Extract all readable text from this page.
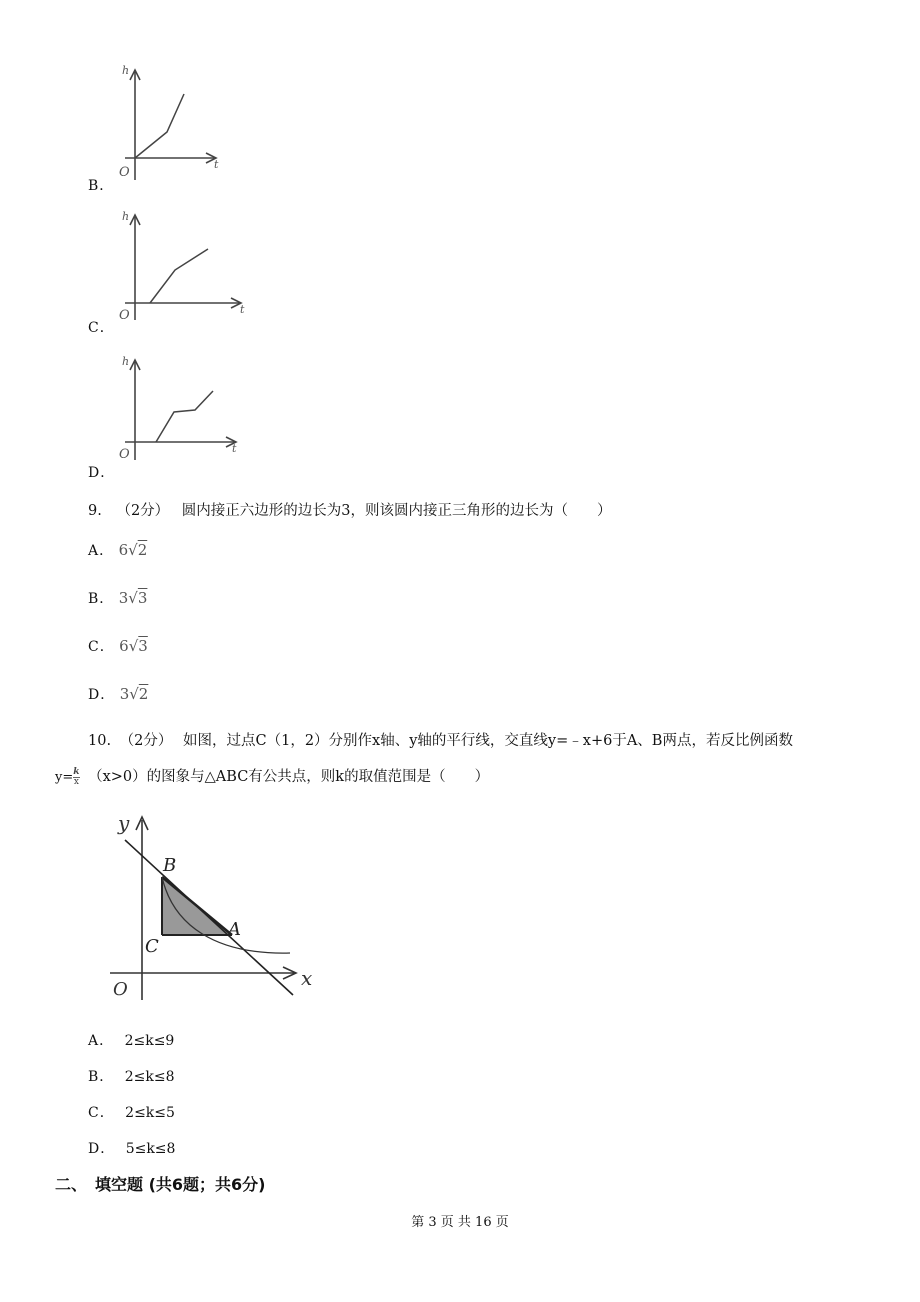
h
t
O
B．
h
t
O
C．
h
t
O
D．
9. （2分） 圆内接正六边形的边长为3，则该圆内接正三角形的边长为（　　）
A． 6√2
B． 3√3
C． 6√3
D． 3√2
10. （2分） 如图，过点C（1，2）分别作x轴、y轴的平行线，交直线y=﹣x+6于A、B两点，若反比例函数
$y= \frac{k}{x} (x>0)$的图象与△ABC有公共点，则k的取值范围是（　　）
y
x
O
B
A
C
A． 2≤k≤9
B． 2≤k≤8
C． 2≤k≤5
D． 5≤k≤8
二、　填空题 (共6题；共6分)
第 3 页 共 16 页
